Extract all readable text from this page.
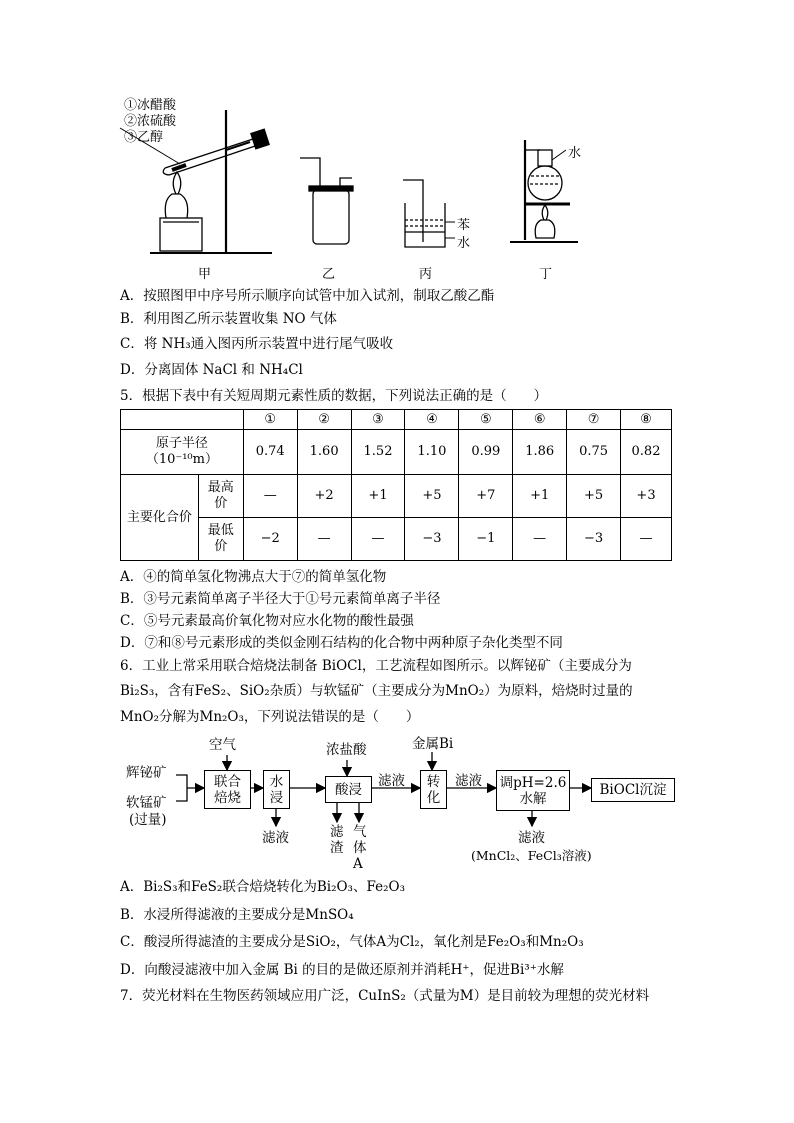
①冰醋酸
②浓硫酸
③乙醇
苯
水
水
甲	乙	丙	丁
A．按照图甲中序号所示顺序向试管中加入试剂，制取乙酸乙酯
B．利用图乙所示装置收集 NO 气体
C．将 NH₃通入图丙所示装置中进行尾气吸收
D．分离固体 NaCl 和 NH₄Cl
5．根据下表中有关短周期元素性质的数据，下列说法正确的是（　　）
		①	②	③	④	⑤	⑥	⑦	⑧

原子半径
（10⁻¹⁰m）		0.74	1.60	1.52	1.10	0.99	1.86	0.75	0.82

主要化合价	最高价	—	+2	+1	+5	+7	+1	+5	+3

	最低价	−2	—	—	−3	−1	—	−3	—
A．④的简单氢化物沸点大于⑦的简单氢化物
B．③号元素简单离子半径大于①号元素简单离子半径
C．⑤号元素最高价氧化物对应水化物的酸性最强
D．⑦和⑧号元素形成的类似金刚石结构的化合物中两种原子杂化类型不同
6．工业上常采用联合焙烧法制备 BiOCl，工艺流程如图所示。以辉铋矿（主要成分为
Bi₂S₃，含有FeS₂、SiO₂杂质）与软锰矿（主要成分为MnO₂）为原料，焙烧时过量的
MnO₂分解为Mn₂O₃，下列说法错误的是（　　）
辉铋矿
软锰矿
(过量)
空气
联合
焙烧
水
浸
滤液
浓盐酸
酸浸
滤渣
气体A
滤液
金属Bi
转
化
滤液 调pH=2.6
水解
BiOCl沉淀
滤液
(MnCl₂、FeCl₃溶液)
A．Bi₂S₃和FeS₂联合焙烧转化为Bi₂O₃、Fe₂O₃
B．水浸所得滤液的主要成分是MnSO₄
C．酸浸所得滤渣的主要成分是SiO₂，气体A为Cl₂，氧化剂是Fe₂O₃和Mn₂O₃
D．向酸浸滤液中加入金属 Bi 的目的是做还原剂并消耗H⁺，促进Bi³⁺水解
7．荧光材料在生物医药领域应用广泛，CuInS₂（式量为M）是目前较为理想的荧光材料
